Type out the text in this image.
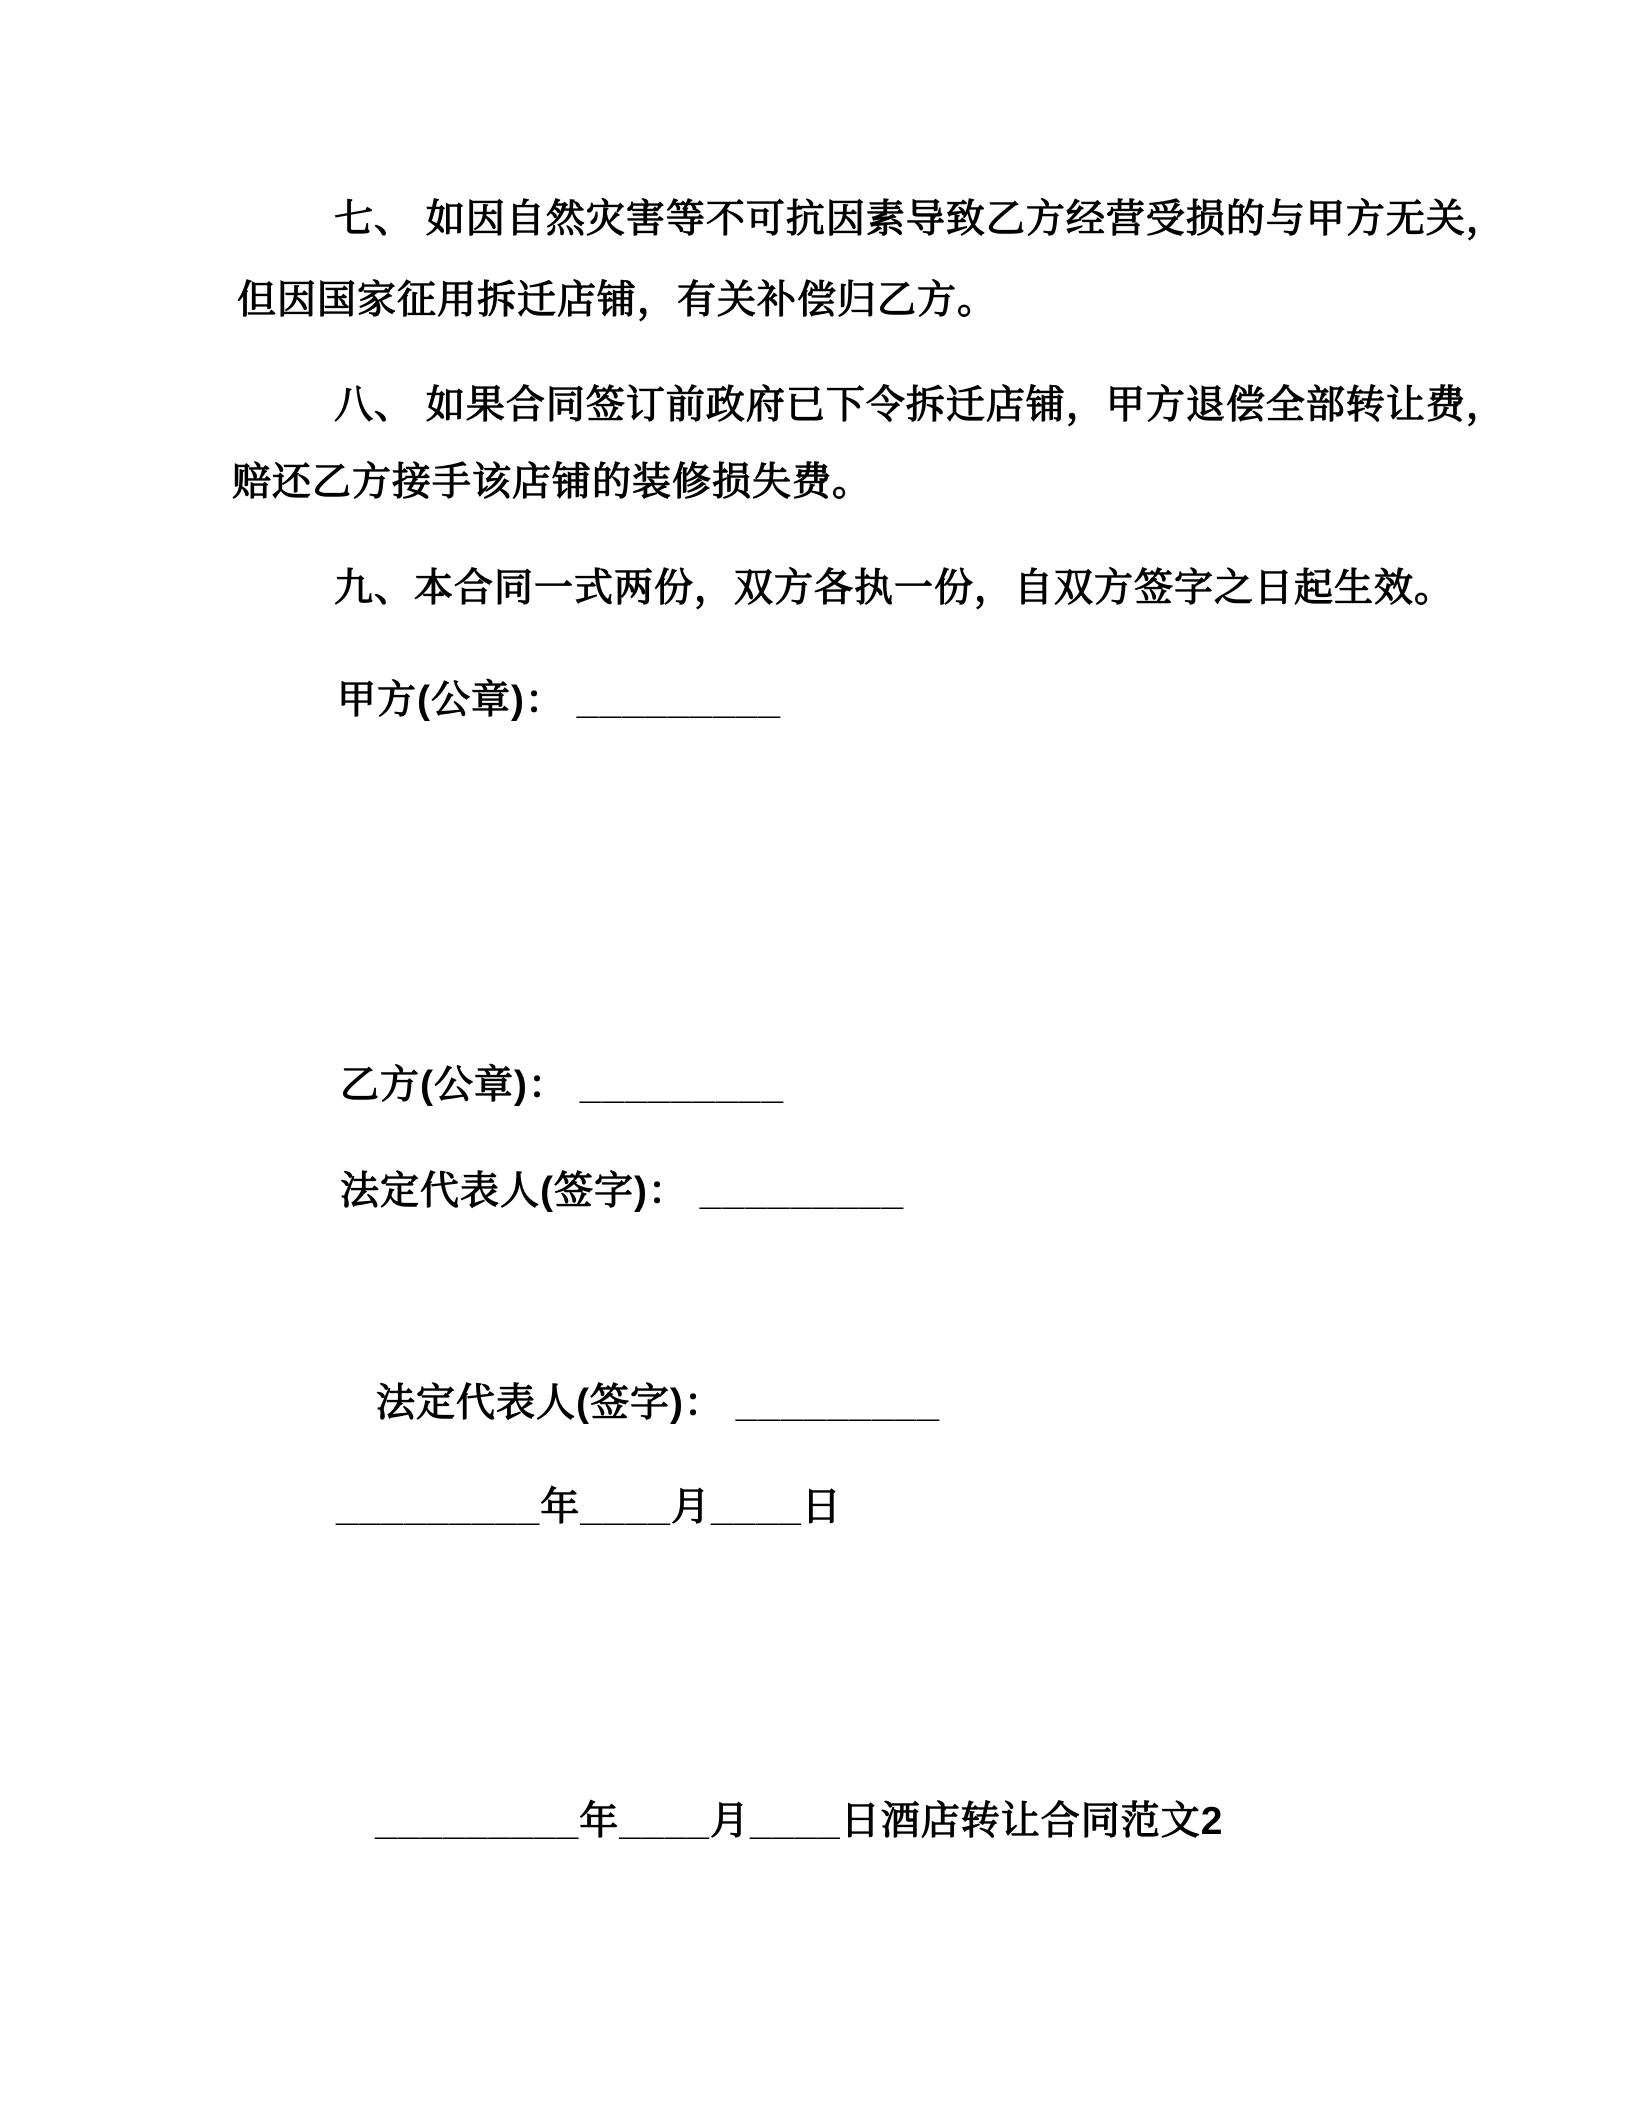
七、 如因自然灾害等不可抗因素导致乙方经营受损的与甲方无关，
但因国家征用拆迁店铺，有关补偿归乙方。
八、 如果合同签订前政府已下令拆迁店铺，甲方退偿全部转让费，
赔还乙方接手该店铺的装修损失费。
九、本合同一式两份，双方各执一份，自双方签字之日起生效。
甲方(公章)： _________
乙方(公章)： _________
法定代表人(签字)： _________
法定代表人(签字)： _________
_________年____月____日
_________年____月____日酒店转让合同范文2
